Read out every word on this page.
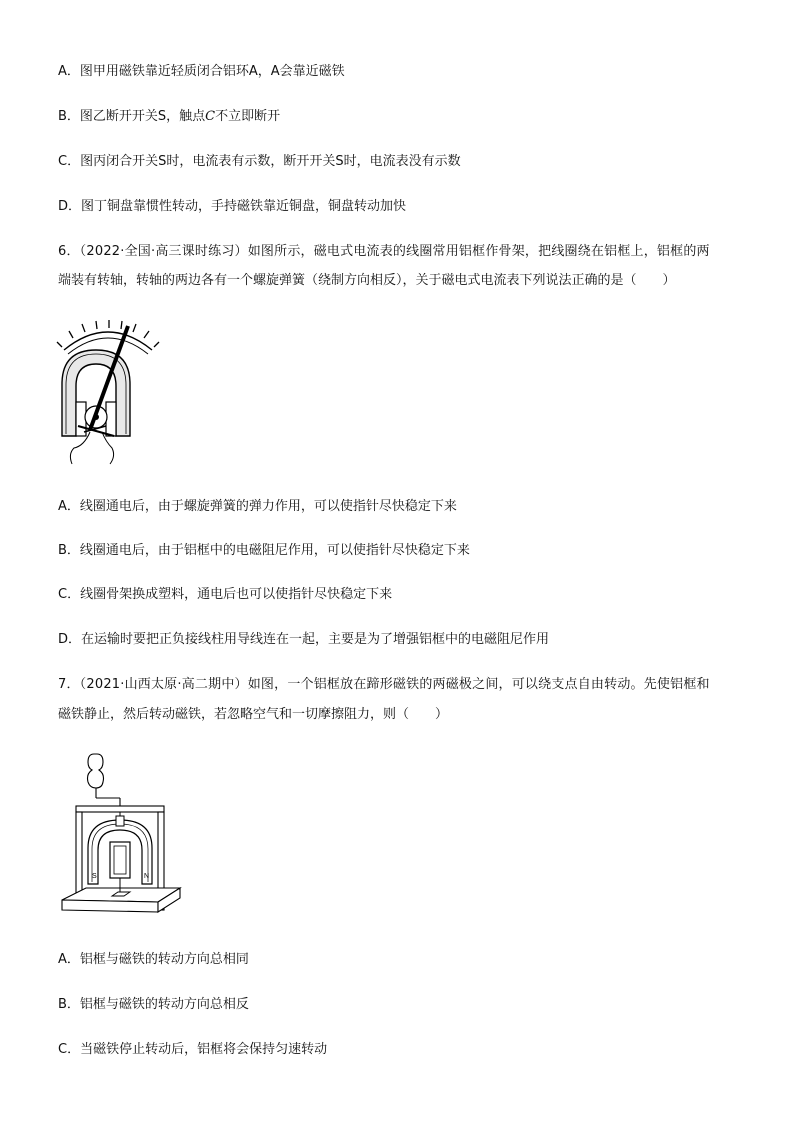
A．图甲用磁铁靠近轻质闭合铝环A，A会靠近磁铁
B．图乙断开开关S，触点C不立即断开
C．图丙闭合开关S时，电流表有示数，断开开关S时，电流表没有示数
D．图丁铜盘靠惯性转动，手持磁铁靠近铜盘，铜盘转动加快
6．（2022·全国·高三课时练习）如图所示，磁电式电流表的线圈常用铝框作骨架，把线圈绕在铝框上，铝框的两
端装有转轴，转轴的两边各有一个螺旋弹簧（绕制方向相反），关于磁电式电流表下列说法正确的是（　　）
A．线圈通电后，由于螺旋弹簧的弹力作用，可以使指针尽快稳定下来
B．线圈通电后，由于铝框中的电磁阻尼作用，可以使指针尽快稳定下来
C．线圈骨架换成塑料，通电后也可以使指针尽快稳定下来
D．在运输时要把正负接线柱用导线连在一起，主要是为了增强铝框中的电磁阻尼作用
7．（2021·山西太原·高二期中）如图，一个铝框放在蹄形磁铁的两磁极之间，可以绕支点自由转动。先使铝框和
磁铁静止，然后转动磁铁，若忽略空气和一切摩擦阻力，则（　　）
S	N
A．铝框与磁铁的转动方向总相同
B．铝框与磁铁的转动方向总相反
C．当磁铁停止转动后，铝框将会保持匀速转动
